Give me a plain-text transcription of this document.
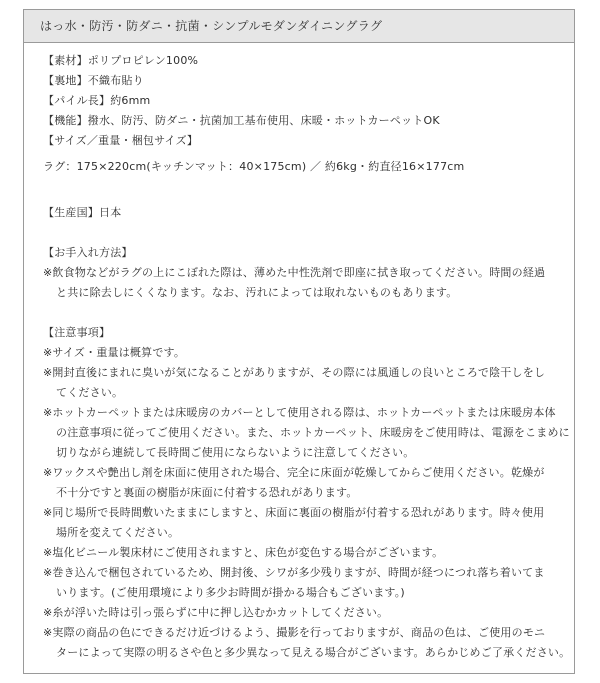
はっ水・防汚・防ダニ・抗菌・シンプルモダンダイニングラグ
【素材】ポリプロピレン100%
【裏地】不織布貼り
【パイル長】約6mm
【機能】撥水、防汚、防ダニ・抗菌加工基布使用、床暖・ホットカーペットOK
【サイズ／重量・梱包サイズ】
ラグ：175×220cm(キッチンマット：40×175cm) ／ 約6kg・約直径16×177cm
【生産国】日本
【お手入れ方法】
※飲食物などがラグの上にこぼれた際は、薄めた中性洗剤で即座に拭き取ってください。時間の経過
と共に除去しにくくなります。なお、汚れによっては取れないものもあります。
【注意事項】
※サイズ・重量は概算です。
※開封直後にまれに臭いが気になることがありますが、その際には風通しの良いところで陰干しをし
てください。
※ホットカーペットまたは床暖房のカバーとして使用される際は、ホットカーペットまたは床暖房本体
の注意事項に従ってご使用ください。また、ホットカーペット、床暖房をご使用時は、電源をこまめに
切りながら連続して長時間ご使用にならないように注意してください。
※ワックスや艶出し剤を床面に使用された場合、完全に床面が乾燥してからご使用ください。乾燥が
不十分ですと裏面の樹脂が床面に付着する恐れがあります。
※同じ場所で長時間敷いたままにしますと、床面に裏面の樹脂が付着する恐れがあります。時々使用
場所を変えてください。
※塩化ビニール製床材にご使用されますと、床色が変色する場合がございます。
※巻き込んで梱包されているため、開封後、シワが多少残りますが、時間が経つにつれ落ち着いてま
いります。(ご使用環境により多少お時間が掛かる場合もございます。)
※糸が浮いた時は引っ張らずに中に押し込むかカットしてください。
※実際の商品の色にできるだけ近づけるよう、撮影を行っておりますが、商品の色は、ご使用のモニ
ターによって実際の明るさや色と多少異なって見える場合がございます。あらかじめご了承ください。
